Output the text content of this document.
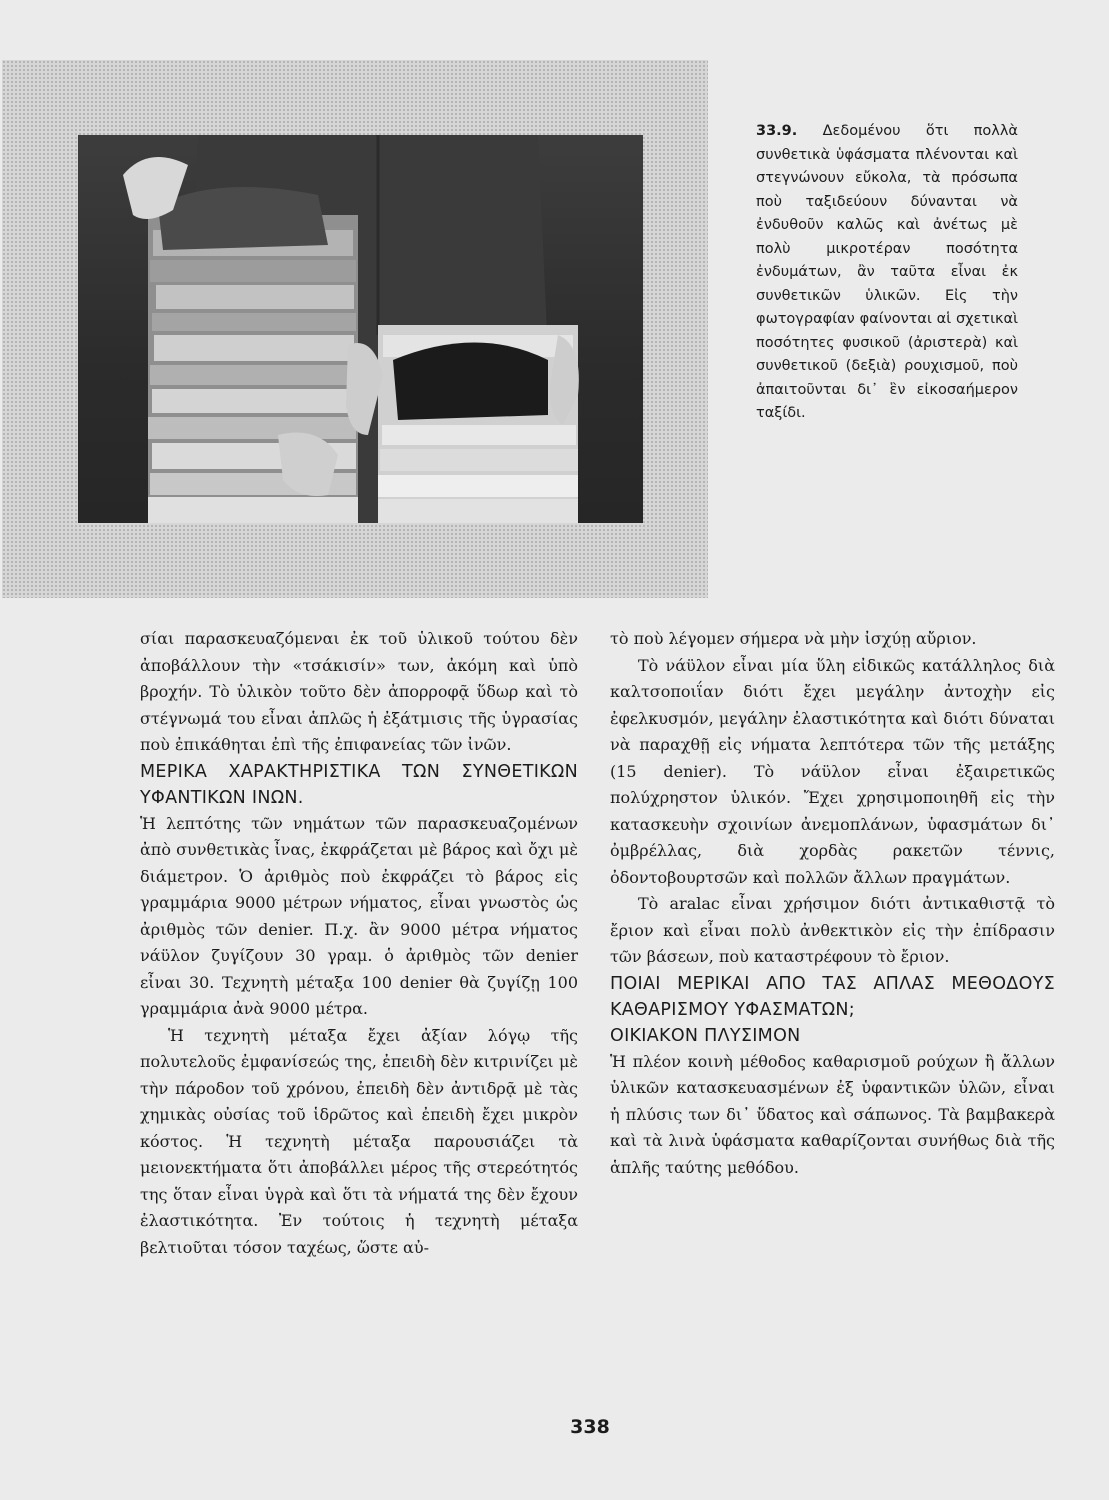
33.9. Δεδομένου ὅτι πολλὰ συνθετικὰ ὑφάσματα πλένονται καὶ στεγνώνουν εὔκολα, τὰ πρόσωπα ποὺ ταξιδεύουν δύνανται νὰ ἐνδυθοῦν καλῶς καὶ ἀνέτως μὲ πολὺ μικροτέραν ποσότητα ἐνδυμάτων, ἂν ταῦτα εἶναι ἐκ συνθετικῶν ὑλικῶν. Εἰς τὴν φωτογραφίαν φαίνονται αἱ σχετικαὶ ποσότητες φυσικοῦ (ἀριστερὰ) καὶ συνθετικοῦ (δεξιὰ) ρουχισμοῦ, ποὺ ἀπαιτοῦνται δι᾽ ἓν εἰκοσαήμερον ταξίδι.

σίαι παρασκευαζόμεναι ἐκ τοῦ ὑλικοῦ τούτου δὲν ἀποβάλλουν τὴν «τσάκισίν» των, ἀκόμη καὶ ὑπὸ βροχήν. Τὸ ὑλικὸν τοῦτο δὲν ἀπορροφᾷ ὕδωρ καὶ τὸ στέγνωμά του εἶναι ἁπλῶς ἡ ἐξάτμισις τῆς ὑγρασίας ποὺ ἐπικάθηται ἐπὶ τῆς ἐπιφανείας τῶν ἰνῶν.

ΜΕΡΙΚΑ ΧΑΡΑΚΤΗΡΙΣΤΙΚΑ ΤΩΝ ΣΥΝΘΕΤΙΚΩΝ ΥΦΑΝΤΙΚΩΝ ΙΝΩΝ.

Ἡ λεπτότης τῶν νημάτων τῶν παρασκευαζομένων ἀπὸ συνθετικὰς ἶνας, ἐκφράζεται μὲ βάρος καὶ ὄχι μὲ διάμετρον. Ὁ ἀριθμὸς ποὺ ἐκφράζει τὸ βάρος εἰς γραμμάρια 9000 μέτρων νήματος, εἶναι γνωστὸς ὡς ἀριθμὸς τῶν denier. Π.χ. ἂν 9000 μέτρα νήματος νάϋλον ζυγίζουν 30 γραμ. ὁ ἀριθμὸς τῶν denier εἶναι 30. Τεχνητὴ μέταξα 100 denier θὰ ζυγίζῃ 100 γραμμάρια ἀνὰ 9000 μέτρα.

Ἡ τεχνητὴ μέταξα ἔχει ἀξίαν λόγῳ τῆς πολυτελοῦς ἐμφανίσεώς της, ἐπειδὴ δὲν κιτρινίζει μὲ τὴν πάροδον τοῦ χρόνου, ἐπειδὴ δὲν ἀντιδρᾷ μὲ τὰς χημικὰς οὐσίας τοῦ ἱδρῶτος καὶ ἐπειδὴ ἔχει μικρὸν κόστος. Ἡ τεχνητὴ μέταξα παρουσιάζει τὰ μειονεκτήματα ὅτι ἀποβάλλει μέρος τῆς στερεότητός της ὅταν εἶναι ὑγρὰ καὶ ὅτι τὰ νήματά της δὲν ἔχουν ἐλαστικότητα. Ἐν τούτοις ἡ τεχνητὴ μέταξα βελτιοῦται τόσον ταχέως, ὥστε αὐ-

τὸ ποὺ λέγομεν σήμερα νὰ μὴν ἰσχύῃ αὔριον.

Τὸ νάϋλον εἶναι μία ὕλη εἰδικῶς κατάλληλος διὰ καλτσοποιΐαν διότι ἔχει μεγάλην ἀντοχὴν εἰς ἐφελκυσμόν, μεγάλην ἐλαστικότητα καὶ διότι δύναται νὰ παραχθῇ εἰς νήματα λεπτότερα τῶν τῆς μετάξης (15 denier). Τὸ νάϋλον εἶναι ἐξαιρετικῶς πολύχρηστον ὑλικόν. Ἔχει χρησιμοποιηθῆ εἰς τὴν κατασκευὴν σχοινίων ἀνεμοπλάνων, ὑφασμάτων δι᾽ ὀμβρέλλας, διὰ χορδὰς ρακετῶν τέννις, ὀδοντοβουρτσῶν καὶ πολλῶν ἄλλων πραγμάτων.

Τὸ aralac εἶναι χρήσιμον διότι ἀντικαθιστᾷ τὸ ἔριον καὶ εἶναι πολὺ ἀνθεκτικὸν εἰς τὴν ἐπίδρασιν τῶν βάσεων, ποὺ καταστρέφουν τὸ ἔριον.

ΠΟΙΑΙ ΜΕΡΙΚΑΙ ΑΠΟ ΤΑΣ ΑΠΛΑΣ ΜΕΘΟΔΟΥΣ ΚΑΘΑΡΙΣΜΟΥ ΥΦΑΣΜΑΤΩΝ;

ΟΙΚΙΑΚΟΝ ΠΛΥΣΙΜΟΝ

Ἡ πλέον κοινὴ μέθοδος καθαρισμοῦ ρούχων ἢ ἄλλων ὑλικῶν κατασκευασμένων ἐξ ὑφαντικῶν ὑλῶν, εἶναι ἡ πλύσις των δι᾽ ὕδατος καὶ σάπωνος. Τὰ βαμβακερὰ καὶ τὰ λινὰ ὑφάσματα καθαρίζονται συνήθως διὰ τῆς ἁπλῆς ταύτης μεθόδου.

338
